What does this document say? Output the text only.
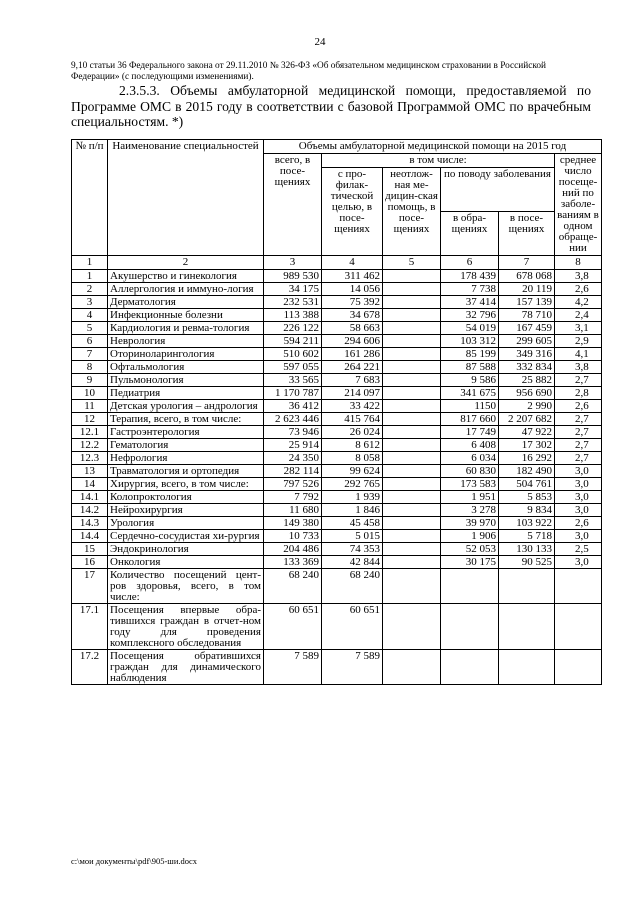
24
9,10 статьи 36 Федерального закона от 29.11.2010 № 326-ФЗ «Об обязательном медицинском страховании в Российской Федерации» (с последующими изменениями).
2.3.5.3. Объемы амбулаторной медицинской помощи, предоставляемой по Программе ОМС в 2015 году в соответствии с базовой Программой ОМС по врачебным специальностям. *)
№ п/п	Наименование специальностей	Объемы амбулаторной медицинской помощи на 2015 год					
		всего, в посе-щениях	в том числе:				среднее число посеще-ний по заболе-ваниям в одном обраще-нии
			с про-филак-тической целью, в посе-щениях	неотлож-ная ме-дицин-ская помощь, в посе-щениях	по поводу заболевания		
					в обра-щениях	в посе-щениях	
1	2	3	4	5	6	7	8
1	Акушерство и гинекология	989 530	311 462		178 439	678 068	3,8
2	Аллергология и иммуно-логия	34 175	14 056		7 738	20 119	2,6
3	Дерматология	232 531	75 392		37 414	157 139	4,2
4	Инфекционные болезни	113 388	34 678		32 796	78 710	2,4
5	Кардиология и ревма-тология	226 122	58 663		54 019	167 459	3,1
6	Неврология	594 211	294 606		103 312	299 605	2,9
7	Оториноларингология	510 602	161 286		85 199	349 316	4,1
8	Офтальмология	597 055	264 221		87 588	332 834	3,8
9	Пульмонология	33 565	7 683		9 586	25 882	2,7
10	Педиатрия	1 170 787	214 097		341 675	956 690	2,8
11	Детская урология – андрология	36 412	33 422		1150	2 990	2,6
12	Терапия, всего, в том числе:	2 623 446	415 764		817 660	2 207 682	2,7
12.1	Гастроэнтерология	73 946	26 024		17 749	47 922	2,7
12.2	Гематология	25 914	8 612		6 408	17 302	2,7
12.3	Нефрология	24 350	8 058		6 034	16 292	2,7
13	Травматология и ортопедия	282 114	99 624		60 830	182 490	3,0
14	Хирургия, всего, в том числе:	797 526	292 765		173 583	504 761	3,0
14.1	Колопроктология	7 792	1 939		1 951	5 853	3,0
14.2	Нейрохирургия	11 680	1 846		3 278	9 834	3,0
14.3	Урология	149 380	45 458		39 970	103 922	2,6
14.4	Сердечно-сосудистая хи-рургия	10 733	5 015		1 906	5 718	3,0
15	Эндокринология	204 486	74 353		52 053	130 133	2,5
16	Онкология	133 369	42 844		30 175	90 525	3,0
17	Количество посещений цент-ров здоровья, всего, в том числе:	68 240	68 240				
17.1	Посещения впервые обра-тившихся граждан в отчет-ном году для проведения комплексного обследования	60 651	60 651				
17.2	Посещения обратившихся граждан для динамического наблюдения	7 589	7 589				
c:\мои документы\pdf\905-ши.docx
